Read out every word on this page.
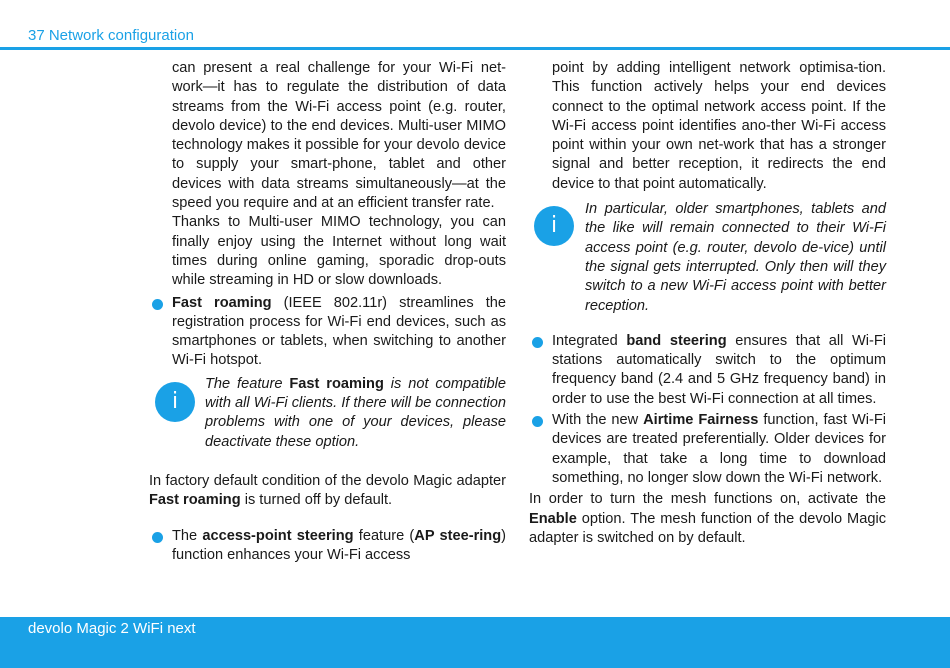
37 Network configuration

can present a real challenge for your Wi-Fi net-work—it has to regulate the distribution of data streams from the Wi-Fi access point (e.g. router, devolo device) to the end devices. Multi-user MIMO technology makes it possible for your devolo device to supply your smart-phone, tablet and other devices with data streams simultaneously—at the speed you require and at an efficient transfer rate.

Thanks to Multi-user MIMO technology, you can finally enjoy using the Internet without long wait times during online gaming, sporadic drop-outs while streaming in HD or slow downloads.

Fast roaming (IEEE 802.11r) streamlines the registration process for Wi-Fi end devices, such as smartphones or tablets, when switching to another Wi-Fi hotspot.

i

The feature Fast roaming is not compatible with all Wi-Fi clients. If there will be connection problems with one of your devices, please deactivate these option.

In factory default condition of the devolo Magic adapter Fast roaming is turned off by default.

The access-point steering feature (AP stee-ring) function enhances your Wi-Fi access

point by adding intelligent network optimisa-tion. This function actively helps your end devices connect to the optimal network access point. If the Wi-Fi access point identifies ano-ther Wi-Fi access point within your own net-work that has a stronger signal and better reception, it redirects the end device to that point automatically.

i

In particular, older smartphones, tablets and the like will remain connected to their Wi-Fi access point (e.g. router, devolo de-vice) until the signal gets interrupted. Only then will they switch to a new Wi-Fi access point with better reception.

Integrated band steering ensures that all Wi-Fi stations automatically switch to the optimum frequency band (2.4 and 5 GHz frequency band) in order to use the best Wi-Fi connection at all times.

With the new Airtime Fairness function, fast Wi-Fi devices are treated preferentially. Older devices for example, that take a long time to download something, no longer slow down the Wi-Fi network.

In order to turn the mesh functions on, activate the Enable option. The mesh function of the devolo Magic adapter is switched on by default.

devolo Magic 2 WiFi next
